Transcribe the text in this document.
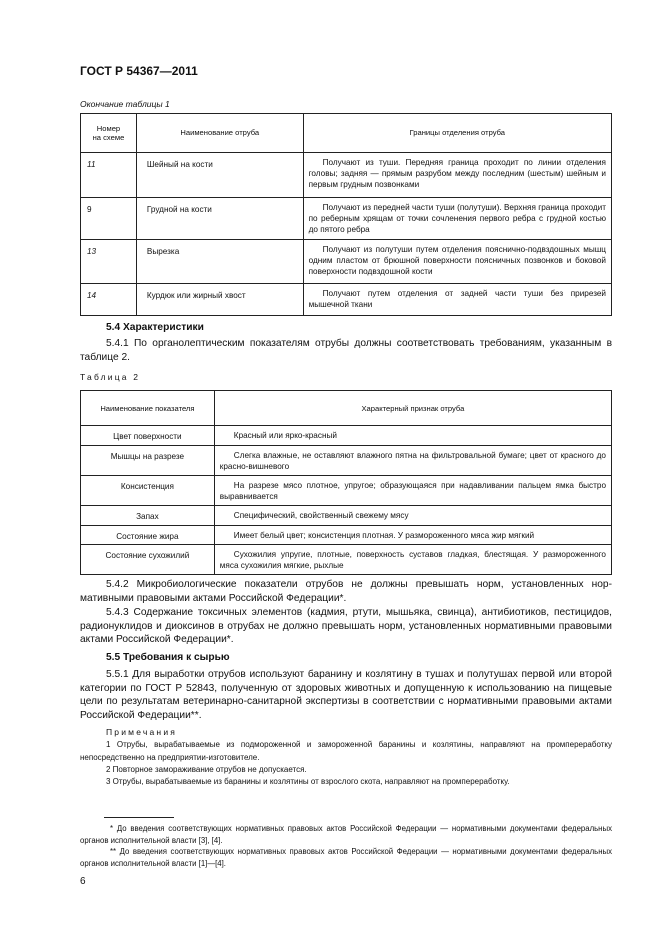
ГОСТ Р 54367—2011
Окончание таблицы 1
Номер
на схеме	Наименование отруба	Границы отделения отруба
11	Шейный на кости	Получают из туши. Передняя граница проходит по линии отделения головы; задняя — прямым разрубом между последним (шестым) шейным и первым грудным позвонками
9	Грудной на кости	Получают из передней части туши (полутуши). Верхняя граница проходит по реберным хрящам от точки сочленения первого ребра с грудной костью до пятого ребра
13	Вырезка	Получают из полутуши путем отделения пояснично-подвздошных мышц одним пластом от брюшной поверхности поясничных позвонков и боковой поверхности подвздошной кости
14	Курдюк или жирный хвост	Получают путем отделения от задней части туши без прирезей мышечной ткани
5.4 Характеристики
5.4.1 По органолептическим показателям отрубы должны соответствовать требованиям, указанным в таблице 2.
Таблица 2
Наименование показателя	Характерный признак отруба
Цвет поверхности	Красный или ярко-красный
Мышцы на разрезе	Слегка влажные, не оставляют влажного пятна на фильтровальной бумаге; цвет от красного до красно-вишневого
Консистенция	На разрезе мясо плотное, упругое; образующаяся при надавливании пальцем ямка быстро выравнивается
Запах	Специфический, свойственный свежему мясу
Состояние жира	Имеет белый цвет; консистенция плотная. У размороженного мяса жир мягкий
Состояние сухожилий	Сухожилия упругие, плотные, поверхность суставов гладкая, блестящая. У размороженного мяса сухожилия мягкие, рыхлые
5.4.2 Микробиологические показатели отрубов не должны превышать норм, установленных нормативными правовыми актами Российской Федерации*.
5.4.3 Содержание токсичных элементов (кадмия, ртути, мышьяка, свинца), антибиотиков, пестицидов, радионуклидов и диоксинов в отрубах не должно превышать норм, установленных нормативными правовыми актами Российской Федерации*.
5.5 Требования к сырью
5.5.1 Для выработки отрубов используют баранину и козлятину в тушах и полутушах первой или второй категории по ГОСТ Р 52843, полученную от здоровых животных и допущенную к использованию на пищевые цели по результатам ветеринарно-санитарной экспертизы в соответствии с нормативными правовыми актами Российской Федерации**.
Примечания
1 Отрубы, вырабатываемые из подмороженной и замороженной баранины и козлятины, направляют на промпереработку непосредственно на предприятии-изготовителе.
2 Повторное замораживание отрубов не допускается.
3 Отрубы, вырабатываемые из баранины и козлятины от взрослого скота, направляют на промпереработку.
* До введения соответствующих нормативных правовых актов Российской Федерации — нормативными документами федеральных органов исполнительной власти [3], [4].
** До введения соответствующих нормативных правовых актов Российской Федерации — нормативными документами федеральных органов исполнительной власти [1]—[4].
6
